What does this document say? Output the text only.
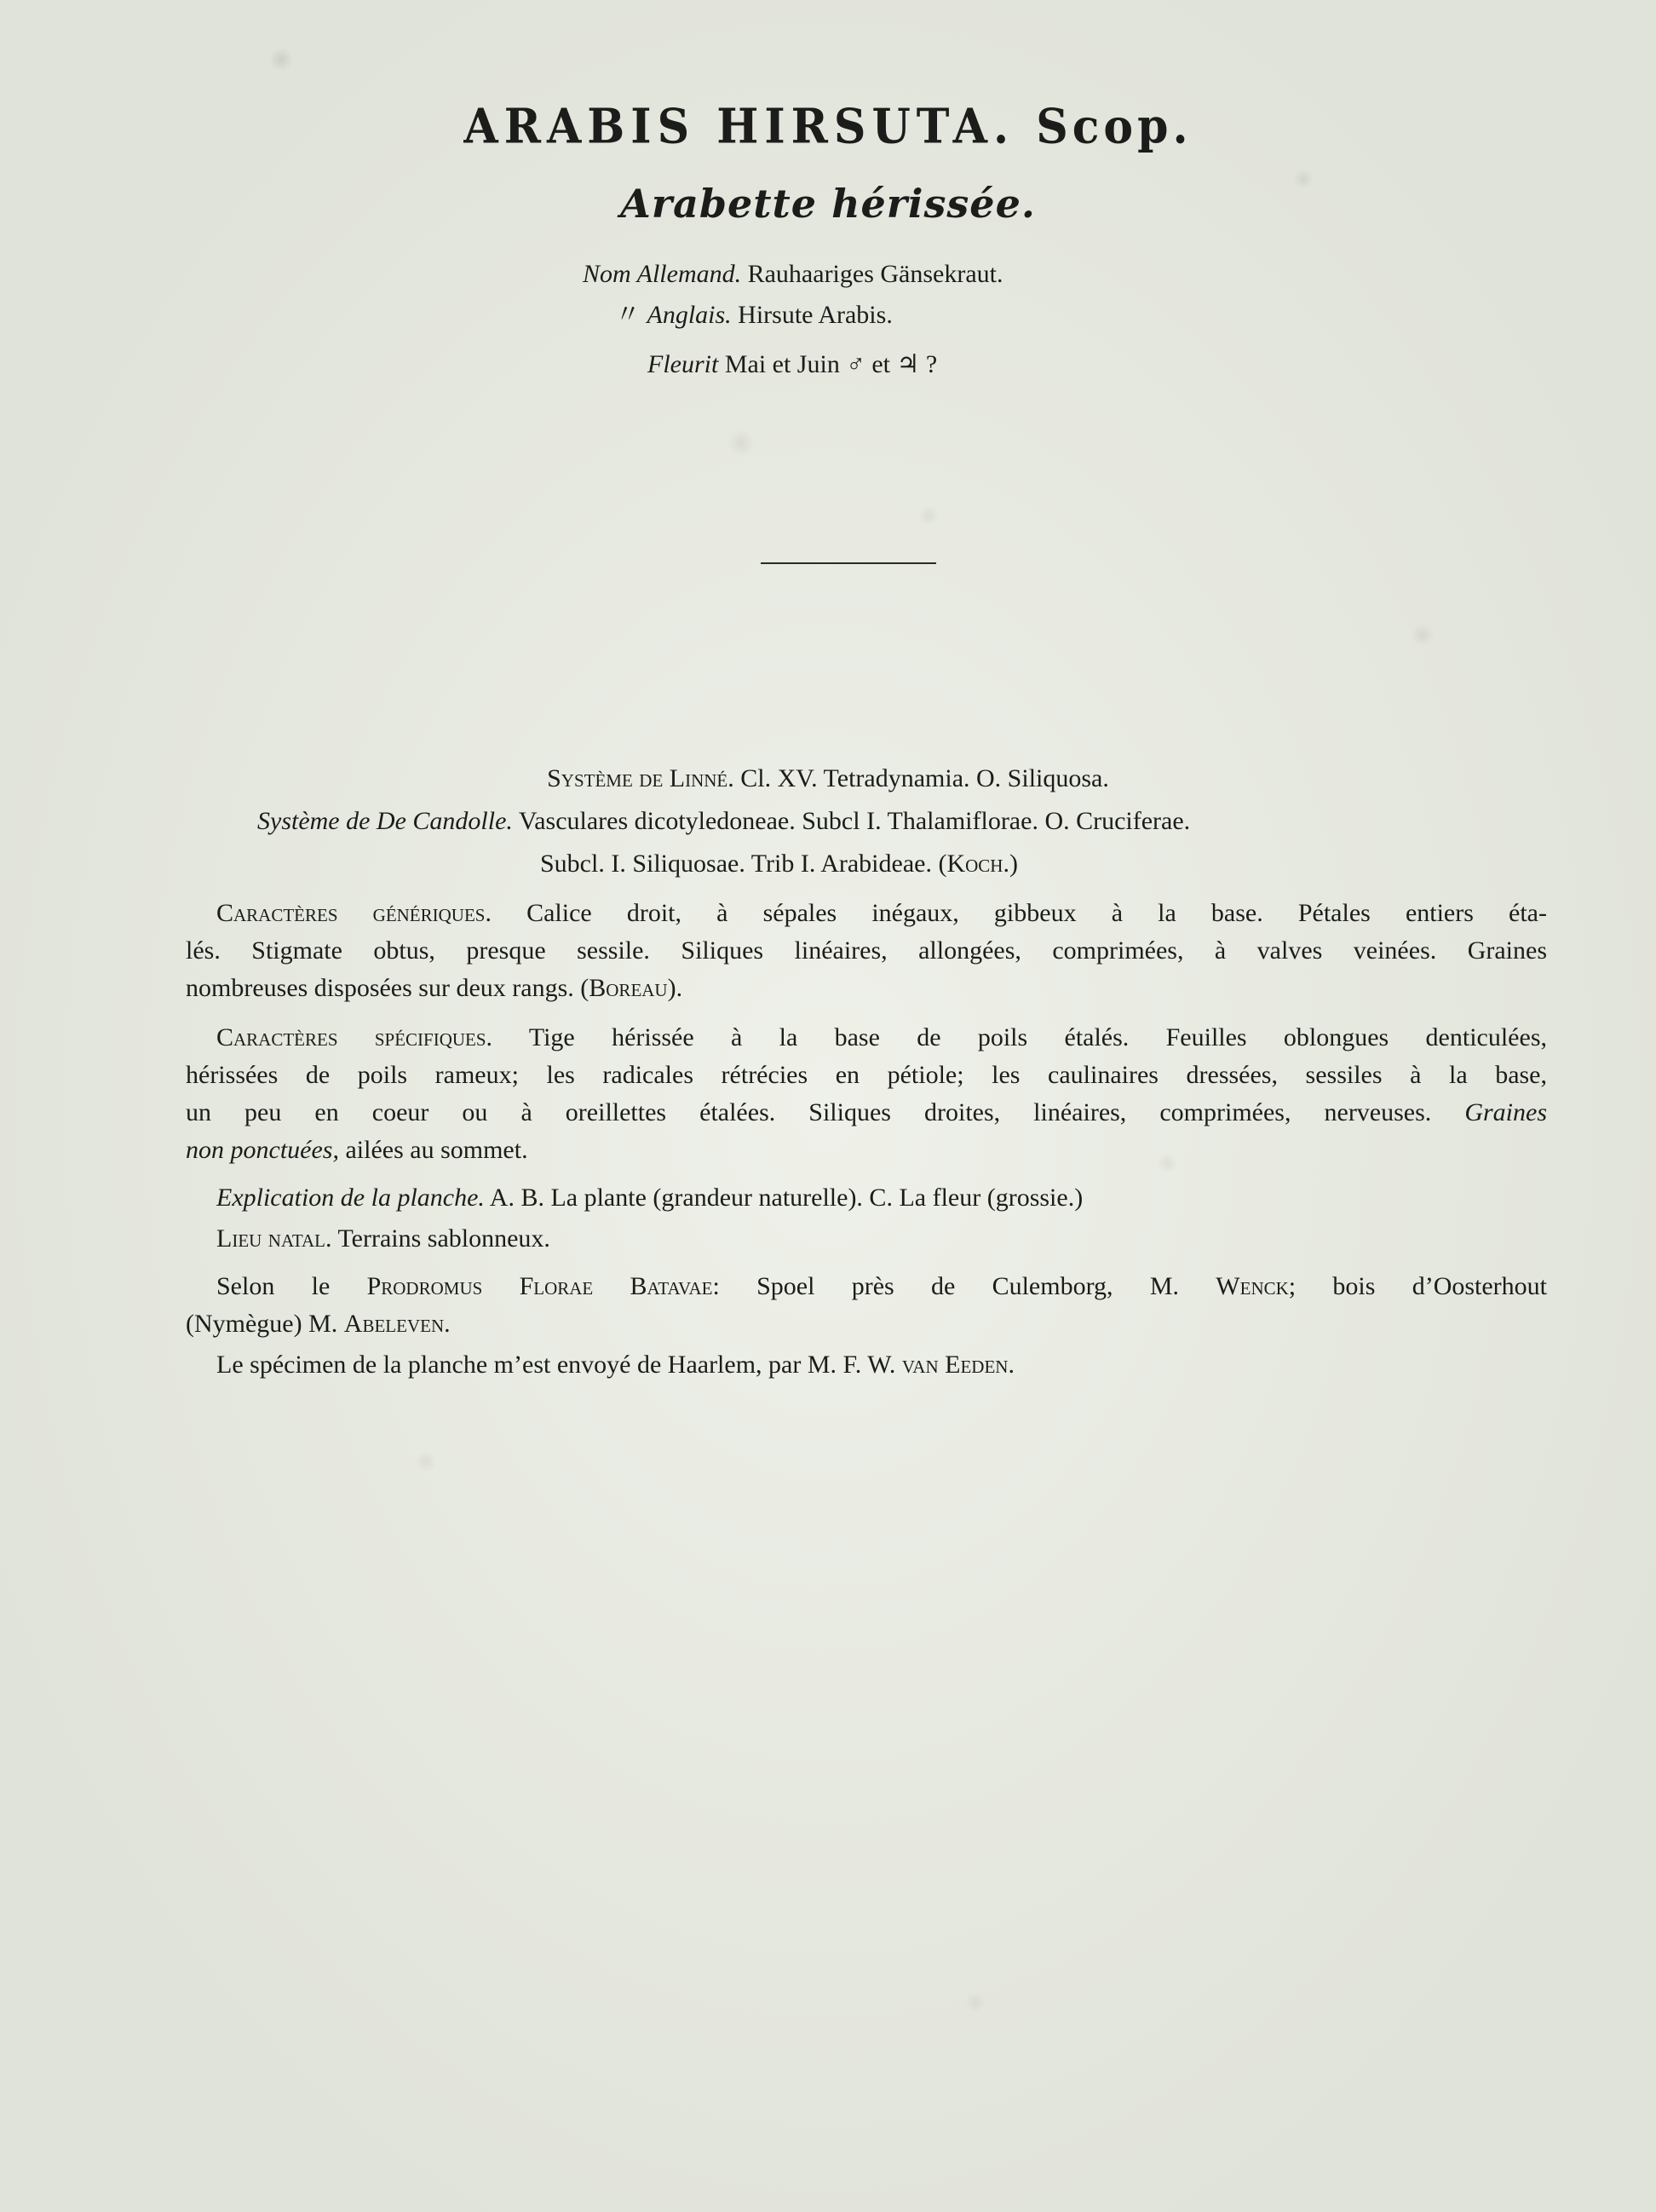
ARABIS HIRSUTA. Scop.
Arabette hérissée.
Nom Allemand. Rauhaariges Gänsekraut.
〃 Anglais. Hirsute Arabis.
Fleurit Mai et Juin ♂ et ♃ ?
Système de Linné. Cl. XV. Tetradynamia. O. Siliquosa.
Système de De Candolle. Vasculares dicotyledoneae. Subcl I. Thalamiflorae. O. Cruciferae.
Subcl. I. Siliquosae. Trib I. Arabideae. (Koch.)
Caractères génériques. Calice droit, à sépales inégaux, gibbeux à la base. Pétales entiers éta-
lés. Stigmate obtus, presque sessile. Siliques linéaires, allongées, comprimées, à valves veinées. Graines
nombreuses disposées sur deux rangs. (Boreau).
Caractères spécifiques. Tige hérissée à la base de poils étalés. Feuilles oblongues denticulées,
hérissées de poils rameux; les radicales rétrécies en pétiole; les caulinaires dressées, sessiles à la base,
un peu en coeur ou à oreillettes étalées. Siliques droites, linéaires, comprimées, nerveuses. Graines
non ponctuées, ailées au sommet.
Explication de la planche. A. B. La plante (grandeur naturelle). C. La fleur (grossie.)
Lieu natal. Terrains sablonneux.
Selon le Prodromus Florae Batavae: Spoel près de Culemborg, M. Wenck; bois d’Oosterhout
(Nymègue) M. Abeleven.
Le spécimen de la planche m’est envoyé de Haarlem, par M. F. W. van Eeden.
